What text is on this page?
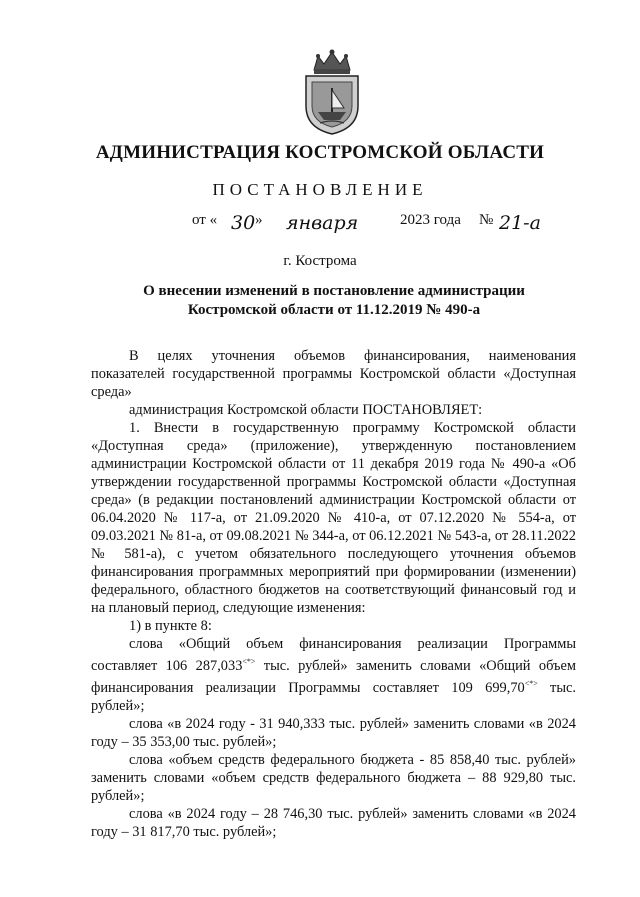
АДМИНИСТРАЦИЯ КОСТРОМСКОЙ ОБЛАСТИ
ПОСТАНОВЛЕНИЕ
от « 30 » января	2023 года № 21-а
г. Кострома
О внесении изменений в постановление администрации
Костромской области от 11.12.2019 № 490-а

В целях уточнения объемов финансирования, наименования показателей государственной программы Костромской области «Доступная среда»

администрация Костромской области ПОСТАНОВЛЯЕТ:

1. Внести в государственную программу Костромской области «Доступная среда» (приложение), утвержденную постановлением администрации Костромской области от 11 декабря 2019 года № 490-а «Об утверждении государственной программы Костромской области «Доступная среда» (в редакции постановлений администрации Костромской области от 06.04.2020 № 117-а, от 21.09.2020 № 410-а, от 07.12.2020 № 554-а, от 09.03.2021 № 81-а, от 09.08.2021 № 344-а, от 06.12.2021 № 543-а, от 28.11.2022 № 581-а), с учетом обязательного последующего уточнения объемов финансирования программных мероприятий при формировании (изменении) федерального, областного бюджетов на соответствующий финансовый год и на плановый период, следующие изменения:

1) в пункте 8:

слова «Общий объем финансирования реализации Программы составляет 106 287,033<*> тыс. рублей» заменить словами «Общий объем финансирования реализации Программы составляет 109 699,70<*> тыс. рублей»;

слова «в 2024 году - 31 940,333 тыс. рублей» заменить словами «в 2024 году – 35 353,00 тыс. рублей»;

слова «объем средств федерального бюджета - 85 858,40 тыс. рублей» заменить словами «объем средств федерального бюджета – 88 929,80 тыс. рублей»;

слова «в 2024 году – 28 746,30 тыс. рублей» заменить словами «в 2024 году – 31 817,70 тыс. рублей»;
